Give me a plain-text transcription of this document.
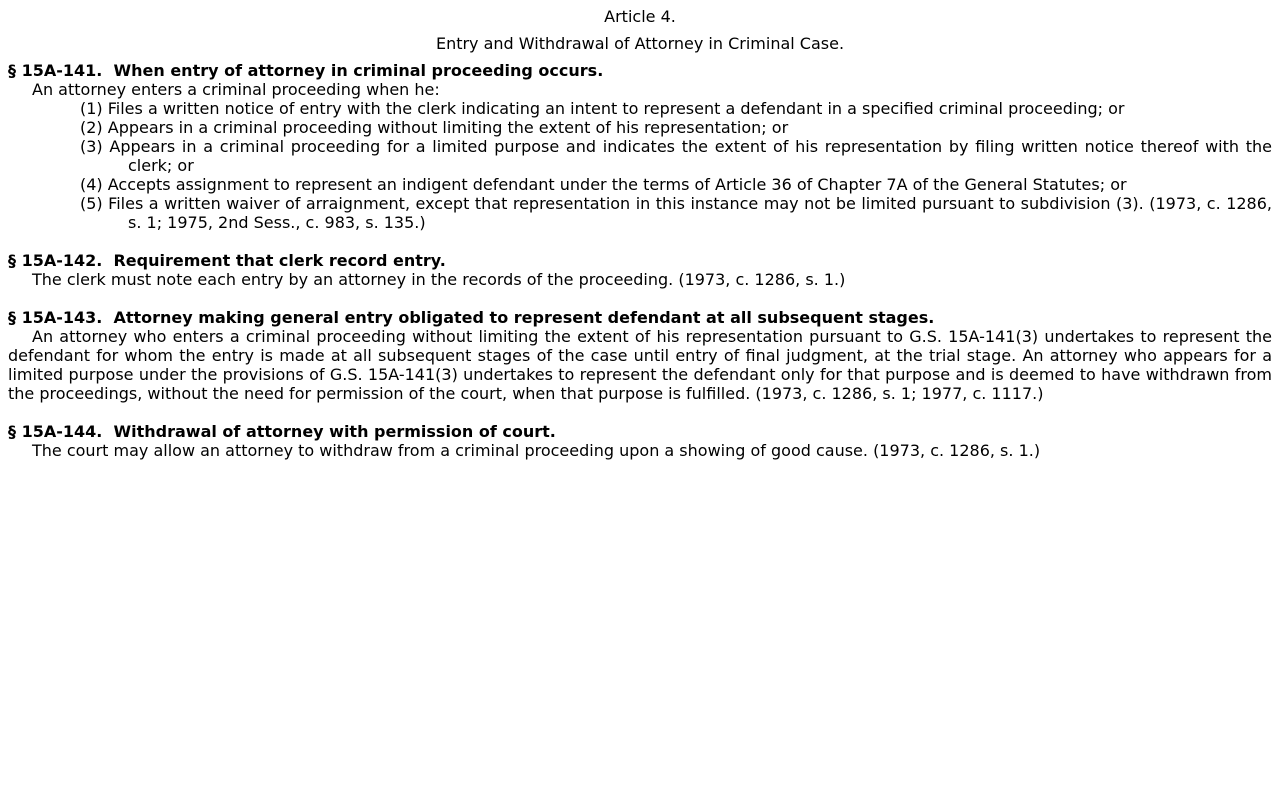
Article 4.
Entry and Withdrawal of Attorney in Criminal Case.
§ 15A-141.  When entry of attorney in criminal proceeding occurs.
An attorney enters a criminal proceeding when he:
(1) Files a written notice of entry with the clerk indicating an intent to represent a defendant in a specified criminal proceeding; or
(2) Appears in a criminal proceeding without limiting the extent of his representation; or
(3) Appears in a criminal proceeding for a limited purpose and indicates the extent of his representation by filing written notice thereof with the clerk; or
(4) Accepts assignment to represent an indigent defendant under the terms of Article 36 of Chapter 7A of the General Statutes; or
(5) Files a written waiver of arraignment, except that representation in this instance may not be limited pursuant to subdivision (3). (1973, c. 1286, s. 1; 1975, 2nd Sess., c. 983, s. 135.)
§ 15A-142.  Requirement that clerk record entry.

The clerk must note each entry by an attorney in the records of the proceeding. (1973, c. 1286, s. 1.)

§ 15A-143.  Attorney making general entry obligated to represent defendant at all subsequent stages.

An attorney who enters a criminal proceeding without limiting the extent of his representation pursuant to G.S. 15A-141(3) undertakes to represent the defendant for whom the entry is made at all subsequent stages of the case until entry of final judgment, at the trial stage. An attorney who appears for a limited purpose under the provisions of G.S. 15A-141(3) undertakes to represent the defendant only for that purpose and is deemed to have withdrawn from the proceedings, without the need for permission of the court, when that purpose is fulfilled. (1973, c. 1286, s. 1; 1977, c. 1117.)

§ 15A-144.  Withdrawal of attorney with permission of court.

The court may allow an attorney to withdraw from a criminal proceeding upon a showing of good cause. (1973, c. 1286, s. 1.)
